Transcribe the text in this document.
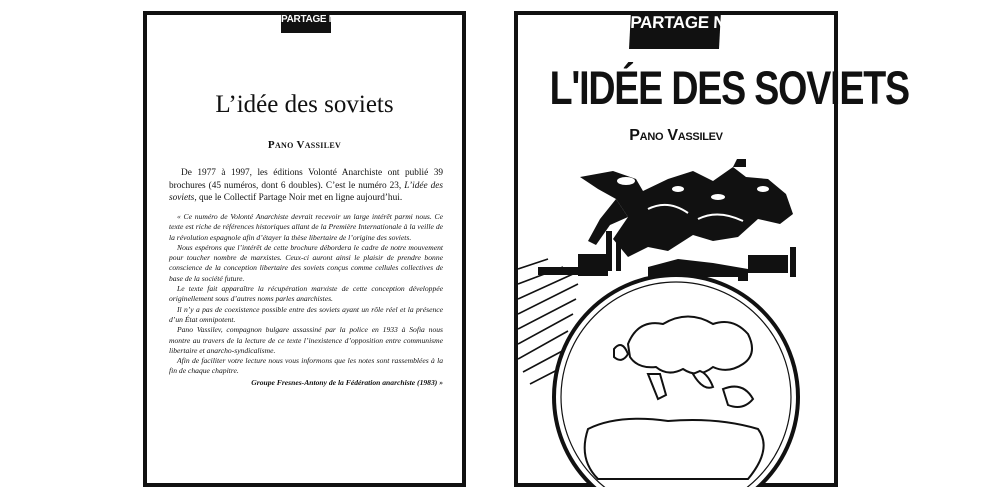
PARTAGE NOIR
L’idée des soviets
Pano Vassilev

De 1977 à 1997, les éditions Volonté Anarchiste ont publié 39 brochures (45 numéros, dont 6 doubles). C’est le numéro 23, L’idée des soviets, que le Collectif Partage Noir met en ligne aujourd’hui.

« Ce numéro de Volonté Anarchiste devrait recevoir un large intérêt parmi nous. Ce texte est riche de références historiques allant de la Première Internationale à la veille de la révolution espagnole afin d’étayer la thèse libertaire de l’origine des soviets.

Nous espérons que l’intérêt de cette brochure débordera le cadre de notre mouvement pour toucher nombre de marxistes. Ceux-ci auront ainsi le plaisir de prendre bonne conscience de la conception libertaire des soviets conçus comme cellules collectives de base de la société future.

Le texte fait apparaître la récupération marxiste de cette conception développée originellement sous d’autres noms parles anarchistes.

Il n’y a pas de coexistence possible entre des soviets ayant un rôle réel et la présence d’un État omnipotent.

Pano Vassilev, compagnon bulgare assassiné par la police en 1933 à Sofia nous montre au travers de la lecture de ce texte l’inexistence d’opposition entre communisme libertaire et anarcho-syndicalisme.

Afin de faciliter votre lecture nous vous informons que les notes sont rassemblées à la fin de chaque chapitre.

Groupe Fresnes-Antony de la Fédération anarchiste (1983) »

PARTAGE NOIR
L'IDÉE DES SOVIETS
Pano Vassilev
